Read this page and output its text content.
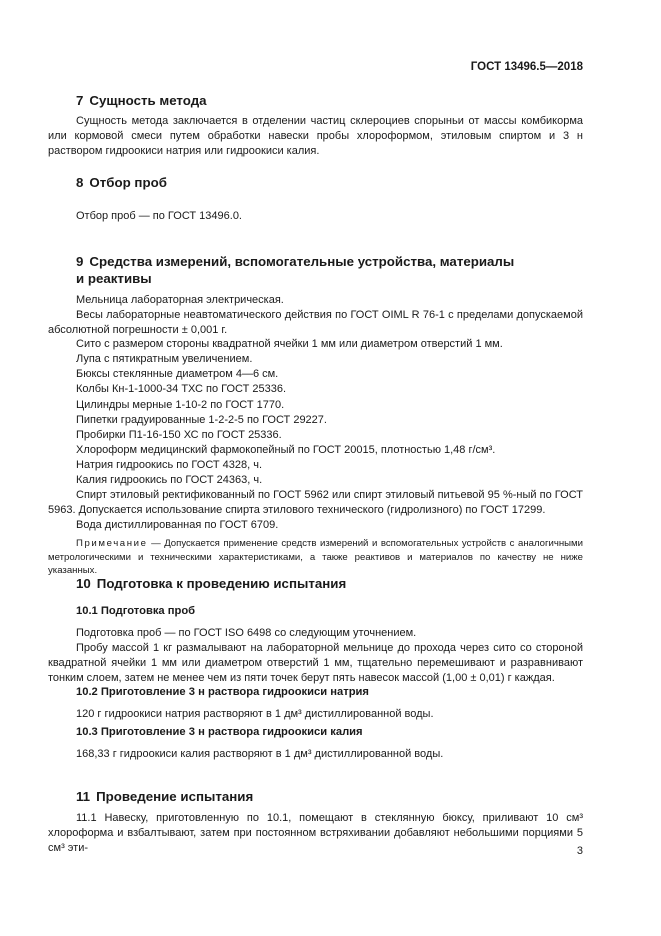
ГОСТ 13496.5—2018
7 Сущность метода

Сущность метода заключается в отделении частиц склероциев спорыньи от массы комбикорма или кормовой смеси путем обработки навески пробы хлороформом, этиловым спиртом и 3 н раствором гидроокиси натрия или гидроокиси калия.

8 Отбор проб

Отбор проб — по ГОСТ 13496.0.

9 Средства измерений, вспомогательные устройства, материалы
и реактивы

Мельница лабораторная электрическая.

Весы лабораторные неавтоматического действия по ГОСТ OIML R 76-1 с пределами допускаемой абсолютной погрешности ± 0,001 г.

Сито с размером стороны квадратной ячейки 1 мм или диаметром отверстий 1 мм.

Лупа с пятикратным увеличением.

Бюксы стеклянные диаметром 4—6 см.

Колбы Кн-1-1000-34 ТХС по ГОСТ 25336.

Цилиндры мерные 1-10-2 по ГОСТ 1770.

Пипетки градуированные 1-2-2-5 по ГОСТ 29227.

Пробирки П1-16-150 ХС по ГОСТ 25336.

Хлороформ медицинский фармокопейный по ГОСТ 20015, плотностью 1,48 г/см³.

Натрия гидроокись по ГОСТ 4328, ч.

Калия гидроокись по ГОСТ 24363, ч.

Спирт этиловый ректификованный по ГОСТ 5962 или спирт этиловый питьевой 95 %-ный по ГОСТ 5963. Допускается использование спирта этилового технического (гидролизного) по ГОСТ 17299.

Вода дистиллированная по ГОСТ 6709.

Примечание — Допускается применение средств измерений и вспомогательных устройств с аналогичными метрологическими и техническими характеристиками, а также реактивов и материалов по качеству не ниже указанных.

10 Подготовка к проведению испытания
10.1 Подготовка проб

Подготовка проб — по ГОСТ ISO 6498 со следующим уточнением.

Пробу массой 1 кг размалывают на лабораторной мельнице до прохода через сито со стороной квадратной ячейки 1 мм или диаметром отверстий 1 мм, тщательно перемешивают и разравнивают тонким слоем, затем не менее чем из пяти точек берут пять навесок массой (1,00 ± 0,01) г каждая.

10.2 Приготовление 3 н раствора гидроокиси натрия

120 г гидроокиси натрия растворяют в 1 дм³ дистиллированной воды.

10.3 Приготовление 3 н раствора гидроокиси калия

168,33 г гидроокиси калия растворяют в 1 дм³ дистиллированной воды.

11 Проведение испытания

11.1 Навеску, приготовленную по 10.1, помещают в стеклянную бюксу, приливают 10 см³ хлороформа и взбалтывают, затем при постоянном встряхивании добавляют небольшими порциями 5 см³ эти-	3
